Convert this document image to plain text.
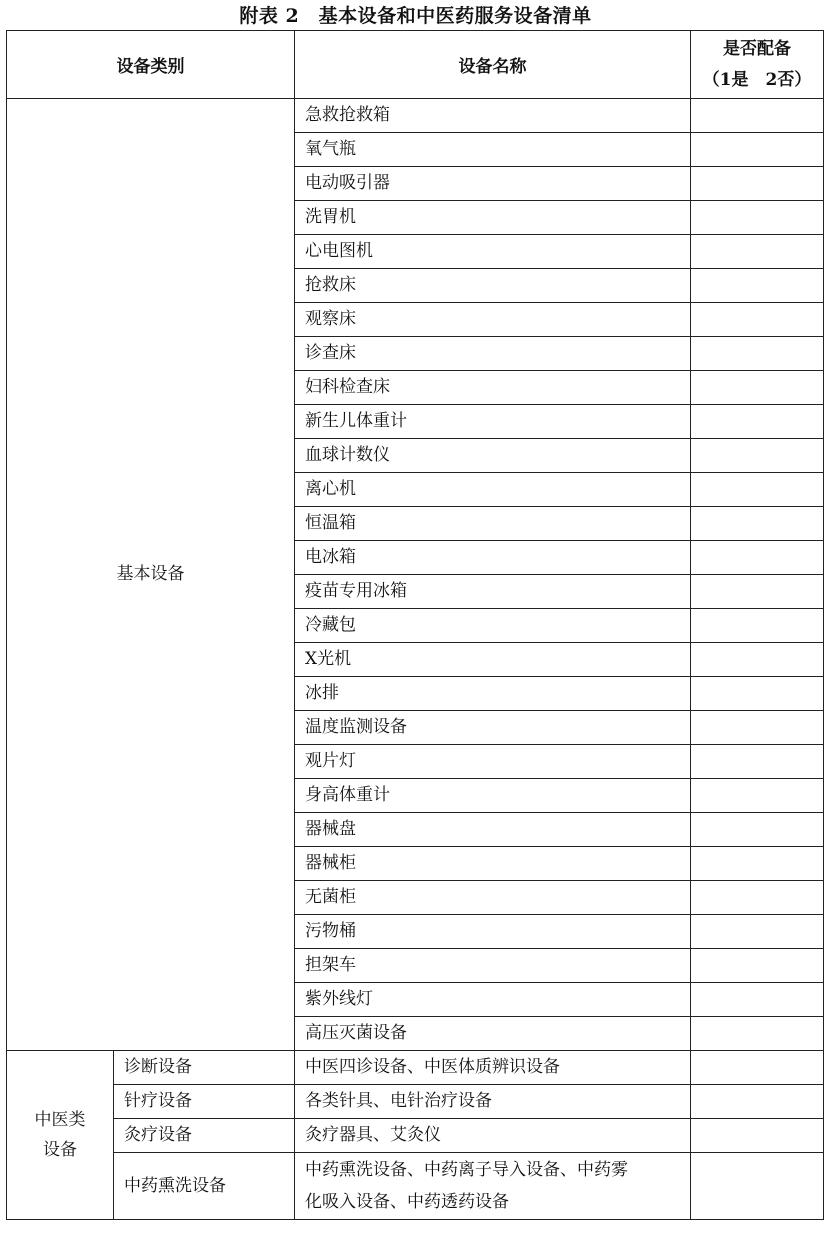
附表 2　基本设备和中医药服务设备清单
设备类别		设备名称	是否配备
（1是　2否）

基本设备		急救抢救箱	
		氧气瓶	
		电动吸引器	
		洗胃机	
		心电图机	
		抢救床	
		观察床	
		诊查床	
		妇科检查床	
		新生儿体重计	
		血球计数仪	
		离心机	
		恒温箱	
		电冰箱	
		疫苗专用冰箱	
		冷藏包	
		X光机	
		冰排	
		温度监测设备	
		观片灯	
		身高体重计	
		器械盘	
		器械柜	
		无菌柜	
		污物桶	
		担架车	
		紫外线灯	
		高压灭菌设备	

中医类
设备	诊断设备	中医四诊设备、中医体质辨识设备	
	针疗设备	各类针具、电针治疗设备	
	灸疗设备	灸疗器具、艾灸仪	
	中药熏洗设备	中药熏洗设备、中药离子导入设备、中药雾
化吸入设备、中药透药设备	
